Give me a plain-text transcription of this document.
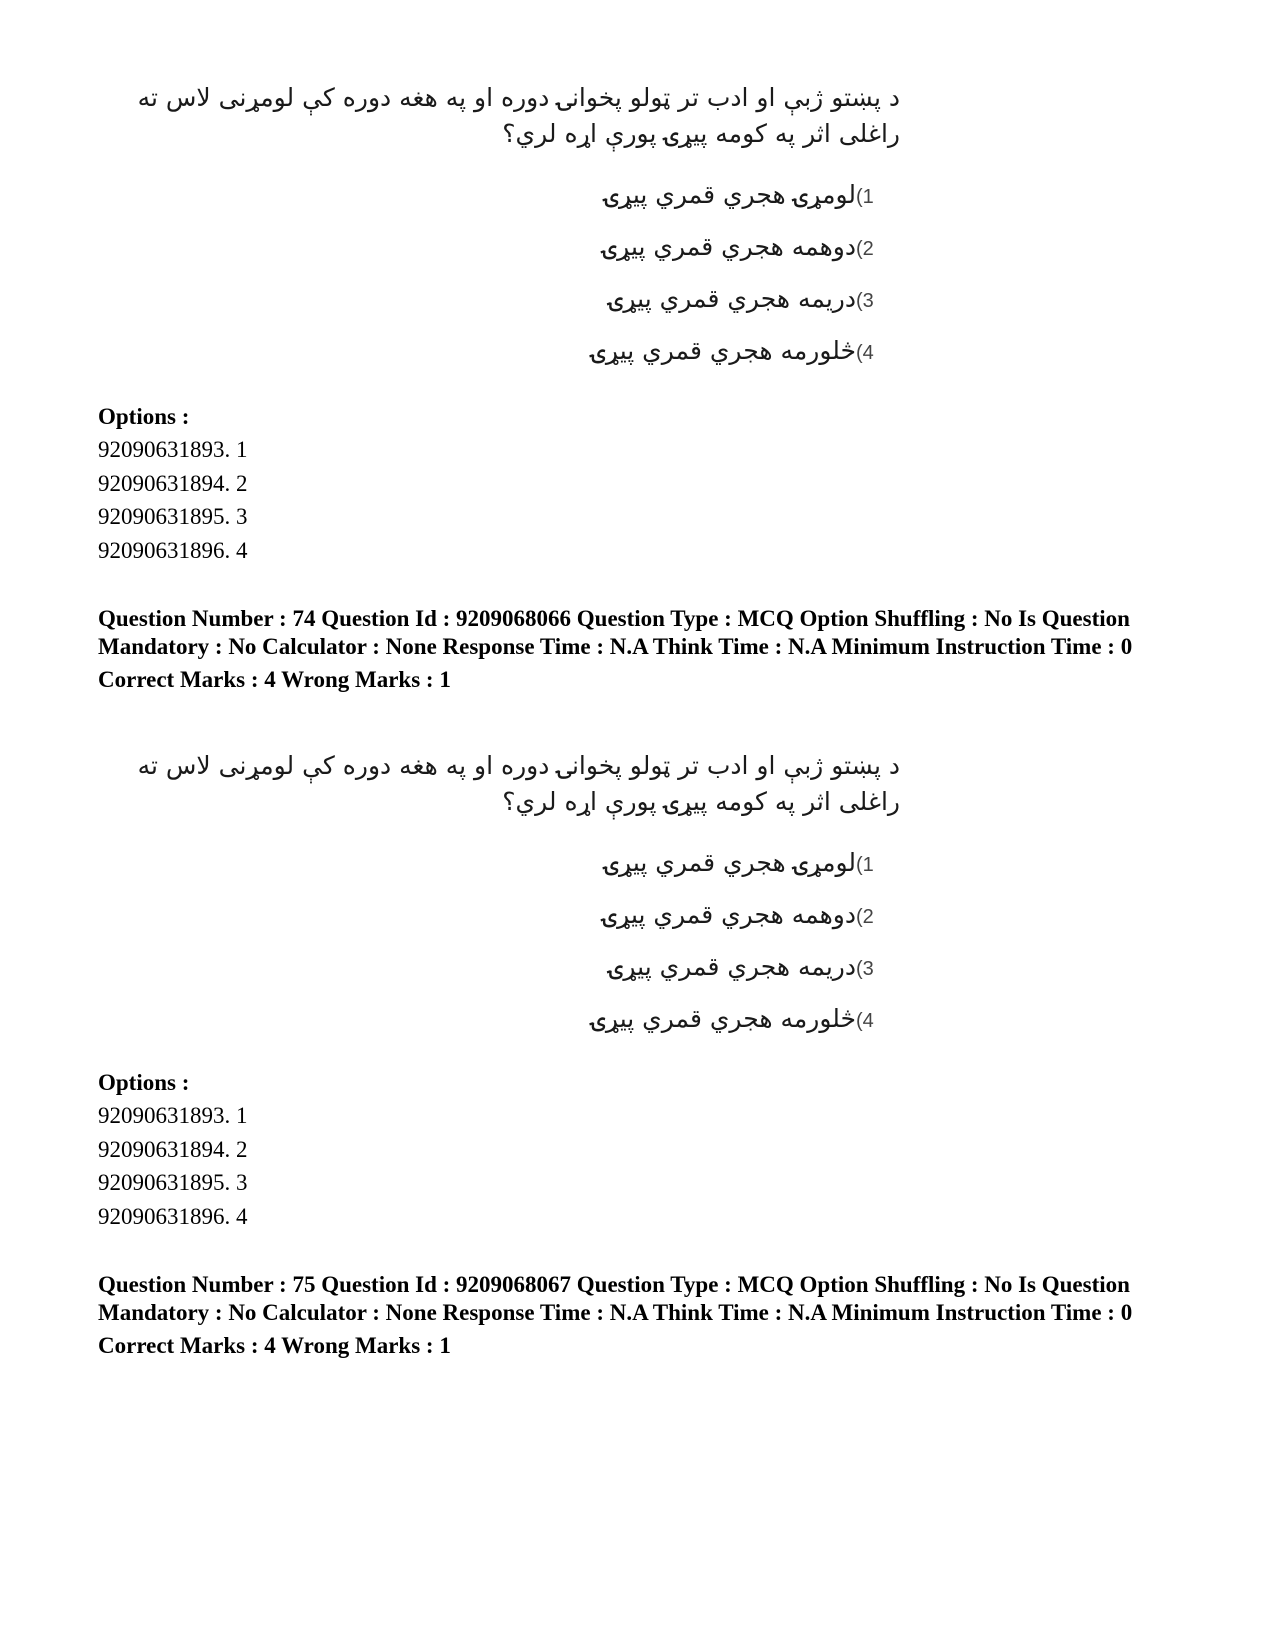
د پښتو ژبې او ادب تر ټولو پخوانۍ دوره او په هغه دوره کې لومړنی لاس ته
راغلی اثر په کومه پیړۍ پورې اړه لري؟
(1لومړۍ هجري قمري پیړۍ
(2دوهمه هجري قمري پیړۍ
(3دریمه هجري قمري پیړۍ
(4څلورمه هجري قمري پیړۍ
Options :
92090631893. 1
92090631894. 2
92090631895. 3
92090631896. 4
Question Number : 74 Question Id : 9209068066 Question Type : MCQ Option Shuffling : No Is Question Mandatory : No Calculator : None Response Time : N.A Think Time : N.A Minimum Instruction Time : 0
Correct Marks : 4 Wrong Marks : 1
د پښتو ژبې او ادب تر ټولو پخوانۍ دوره او په هغه دوره کې لومړنی لاس ته
راغلی اثر په کومه پیړۍ پورې اړه لري؟
(1لومړۍ هجري قمري پیړۍ
(2دوهمه هجري قمري پیړۍ
(3دریمه هجري قمري پیړۍ
(4څلورمه هجري قمري پیړۍ
Options :
92090631893. 1
92090631894. 2
92090631895. 3
92090631896. 4
Question Number : 75 Question Id : 9209068067 Question Type : MCQ Option Shuffling : No Is Question Mandatory : No Calculator : None Response Time : N.A Think Time : N.A Minimum Instruction Time : 0
Correct Marks : 4 Wrong Marks : 1
